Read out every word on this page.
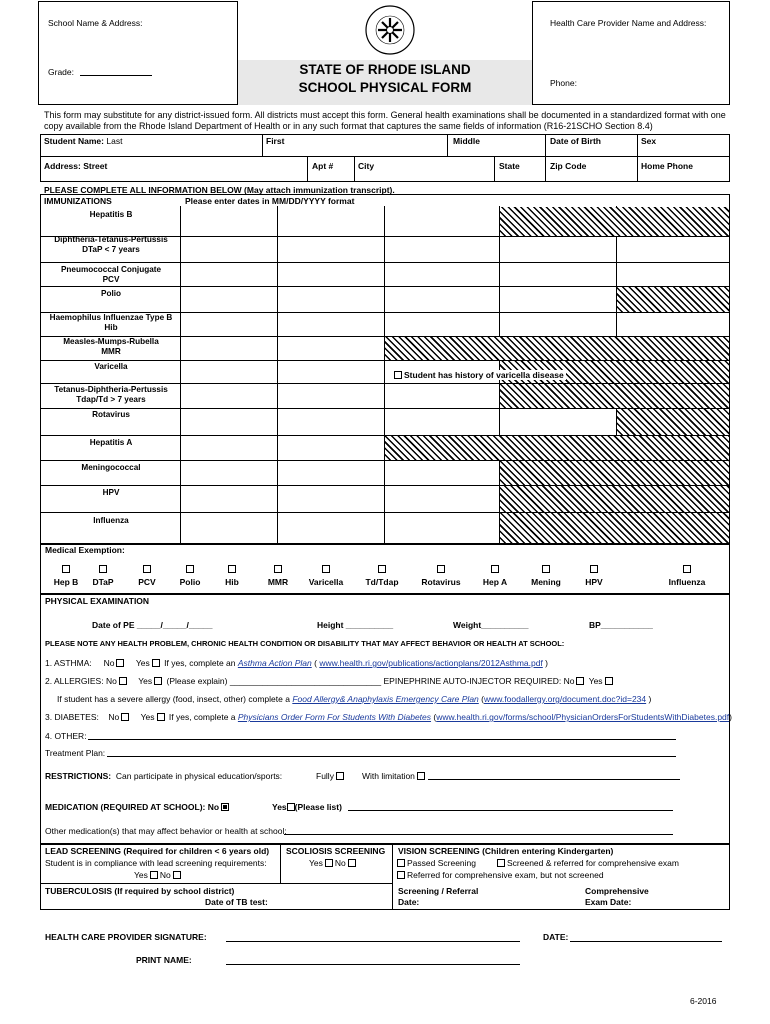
School Name & Address:
Grade:
Health Care Provider Name and Address:
Phone:
STATE OF RHODE ISLAND
SCHOOL PHYSICAL FORM
This form may substitute for any district-issued form. All districts must accept this form. General health examinations shall be documented in a standardized format with one copy available from the Rhode Island Department of Health or in any such format that captures the same fields of information (R16-21SCHO Section 8.4)
Student Name: Last	First	Middle	Date of Birth	Sex
Address: Street	Apt #	City	State	Zip Code	Home Phone
PLEASE COMPLETE ALL INFORMATION BELOW (May attach immunization transcript).
IMMUNIZATIONS	Please enter dates in MM/DD/YYYY format
Hepatitis B
Diphtheria-Tetanus-Pertussis
DTaP < 7 years
Pneumococcal Conjugate
PCV
Polio
Haemophilus Influenzae Type B
Hib
Measles-Mumps-Rubella
MMR
Varicella
Tetanus-Diphtheria-Pertussis
Tdap/Td > 7 years
Rotavirus
Hepatitis A
Meningococcal
HPV
Influenza
Student has history of varicella disease
Medical Exemption:
Hep B	DTaP	PCV	Polio	Hib	MMR	Varicella	Td/Tdap	Rotavirus	Hep A	Mening	HPV	Influenza
PHYSICAL EXAMINATION
Date of PE _____/_____/_____	Height __________	Weight__________	BP___________
PLEASE NOTE ANY HEALTH PROBLEM, CHRONIC HEALTH CONDITION OR DISABILITY THAT MAY AFFECT BEHAVIOR OR HEALTH AT SCHOOL:
1. ASTHMA: No	Yes If yes, complete an Asthma Action Plan ( www.health.ri.gov/publications/actionplans/2012Asthma.pdf )
2. ALLERGIES: No	Yes (Please explain) ________________________________ EPINEPHRINE AUTO-INJECTOR REQUIRED: No Yes
If student has a severe allergy (food, insect, other) complete a Food Allergy& Anaphylaxis Emergency Care Plan (www.foodallergy.org/document.doc?id=234 )
3. DIABETES: No	Yes If yes, complete a Physicians Order Form For Students With Diabetes (www.health.ri.gov/forms/school/PhysicianOrdersForStudentsWithDiabetes.pdf)
4. OTHER:
Treatment Plan:
RESTRICTIONS: Can participate in physical education/sports:	Fully	With limitation
MEDICATION (REQUIRED AT SCHOOL): No	Yes (Please list)
Other medication(s) that may affect behavior or health at school:
LEAD SCREENING (Required for children < 6 years old)
Student is in compliance with lead screening requirements:
Yes No
SCOLIOSIS SCREENING
Yes No
VISION SCREENING (Children entering Kindergarten)
Passed Screening	Screened & referred for comprehensive exam
Referred for comprehensive exam, but not screened
TUBERCULOSIS (If required by school district)
Date of TB test:
Screening / Referral
Date:
Comprehensive
Exam Date:
HEALTH CARE PROVIDER SIGNATURE:	DATE:
PRINT NAME:
6-2016
